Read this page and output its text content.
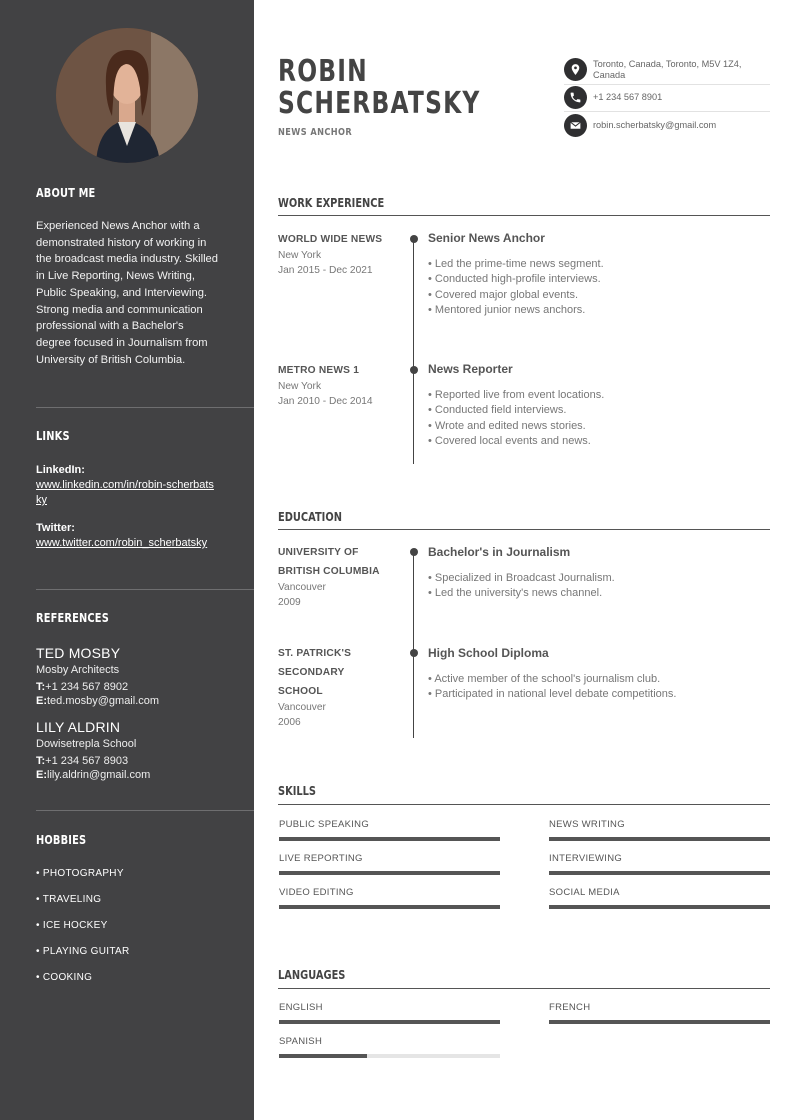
ABOUT ME
Experienced News Anchor with a demonstrated history of working in the broadcast media industry. Skilled in Live Reporting, News Writing, Public Speaking, and Interviewing. Strong media and communication professional with a Bachelor's degree focused in Journalism from University of British Columbia.
LINKS
LinkedIn:
www.linkedin.com/in/robin-scherbatsky
Twitter:
www.twitter.com/robin_scherbatsky
REFERENCES
TED MOSBY
Mosby Architects
T:+1 234 567 8902
E:ted.mosby@gmail.com
LILY ALDRIN
Dowisetrepla School
T:+1 234 567 8903
E:lily.aldrin@gmail.com
HOBBIES
• PHOTOGRAPHY
• TRAVELING
• ICE HOCKEY
• PLAYING GUITAR
• COOKING
ROBIN
SCHERBATSKY
NEWS ANCHOR
Toronto, Canada, Toronto, M5V 1Z4, Canada
+1 234 567 8901
robin.scherbatsky@gmail.com
WORK EXPERIENCE
WORLD WIDE NEWS
New York
Jan 2015 - Dec 2021
Senior News Anchor
• Led the prime-time news segment.
• Conducted high-profile interviews.
• Covered major global events.
• Mentored junior news anchors.
METRO NEWS 1
New York
Jan 2010 - Dec 2014
News Reporter
• Reported live from event locations.
• Conducted field interviews.
• Wrote and edited news stories.
• Covered local events and news.
EDUCATION
UNIVERSITY OF BRITISH COLUMBIA
Vancouver
2009
Bachelor's in Journalism
• Specialized in Broadcast Journalism.
• Led the university's news channel.
ST. PATRICK'S SECONDARY SCHOOL
Vancouver
2006
High School Diploma
• Active member of the school's journalism club.
• Participated in national level debate competitions.
SKILLS
PUBLIC SPEAKING	NEWS WRITING
LIVE REPORTING	INTERVIEWING
VIDEO EDITING	SOCIAL MEDIA
LANGUAGES
ENGLISH	FRENCH
SPANISH
